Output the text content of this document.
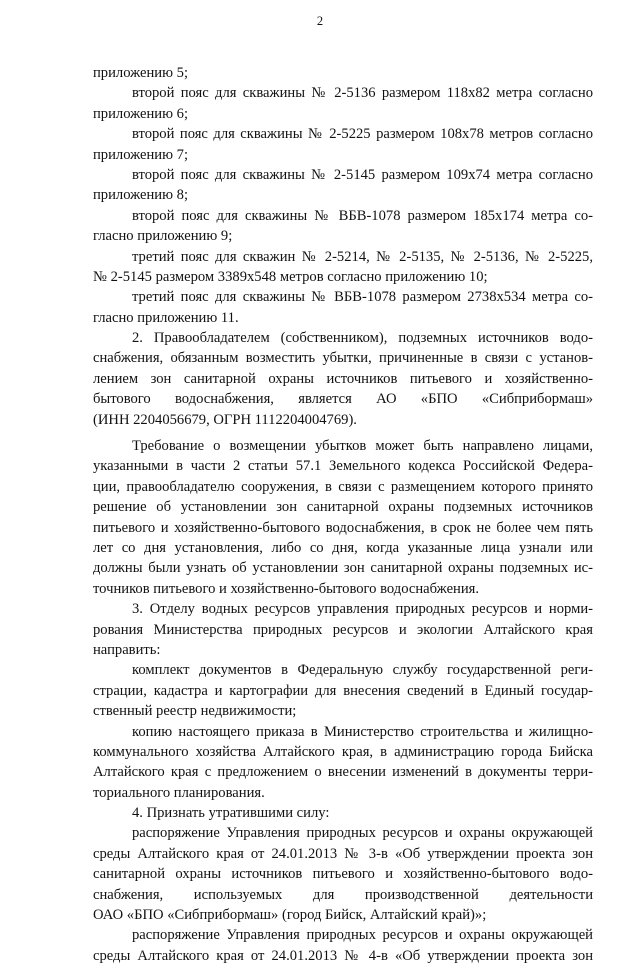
2
приложению 5;
второй пояс для скважины № 2-5136 размером 118х82 метра согласно
приложению 6;
второй пояс для скважины № 2-5225 размером 108х78 метров согласно
приложению 7;
второй пояс для скважины № 2-5145 размером 109х74 метра согласно
приложению 8;
второй пояс для скважины № ВБВ-1078 размером 185х174 метра со-
гласно приложению 9;
третий пояс для скважин № 2-5214, № 2-5135, № 2-5136, № 2-5225,
№ 2-5145 размером 3389х548 метров согласно приложению 10;
третий пояс для скважины № ВБВ-1078 размером 2738х534 метра со-
гласно приложению 11.
2. Правообладателем (собственником), подземных источников водо-
снабжения, обязанным возместить убытки, причиненные в связи с установ-
лением зон санитарной охраны источников питьевого и хозяйственно-
бытового водоснабжения, является АО «БПО «Сибприбормаш»
(ИНН 2204056679, ОГРН 1112204004769).
Требование о возмещении убытков может быть направлено лицами,
указанными в части 2 статьи 57.1 Земельного кодекса Российской Федера-
ции, правообладателю сооружения, в связи с размещением которого принято
решение об установлении зон санитарной охраны подземных источников
питьевого и хозяйственно-бытового водоснабжения, в срок не более чем пять
лет со дня установления, либо со дня, когда указанные лица узнали или
должны были узнать об установлении зон санитарной охраны подземных ис-
точников питьевого и хозяйственно-бытового водоснабжения.
3. Отделу водных ресурсов управления природных ресурсов и норми-
рования Министерства природных ресурсов и экологии Алтайского края
направить:
комплект документов в Федеральную службу государственной реги-
страции, кадастра и картографии для внесения сведений в Единый государ-
ственный реестр недвижимости;
копию настоящего приказа в Министерство строительства и жилищно-
коммунального хозяйства Алтайского края, в администрацию города Бийска
Алтайского края с предложением о внесении изменений в документы терри-
ториального планирования.
4. Признать утратившими силу:
распоряжение Управления природных ресурсов и охраны окружающей
среды Алтайского края от 24.01.2013 № 3-в «Об утверждении проекта зон
санитарной охраны источников питьевого и хозяйственно-бытового водо-
снабжения, используемых для производственной деятельности
ОАО «БПО «Сибприбормаш» (город Бийск, Алтайский край)»;
распоряжение Управления природных ресурсов и охраны окружающей
среды Алтайского края от 24.01.2013 № 4-в «Об утверждении проекта зон
